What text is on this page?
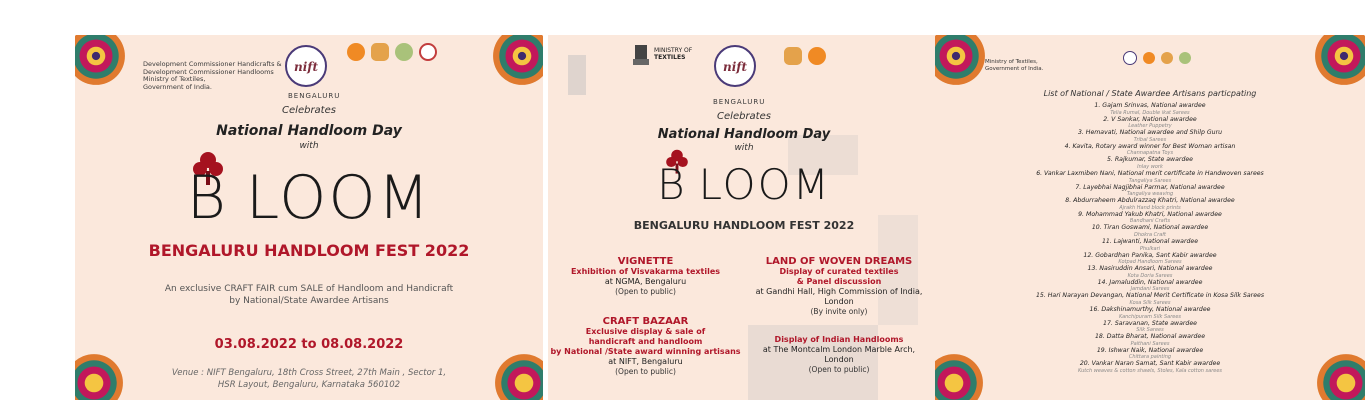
Development Commissioner Handicrafts &
Development Commissioner Handlooms
Ministry of Textiles,
Government of India.
nift
BENGALURU
Celebrates
National Handloom Day
with
B LOOM
BENGALURU HANDLOOM FEST 2022
An exclusive CRAFT FAIR cum SALE of Handloom and Handicraft
by National/State Awardee Artisans
03.08.2022 to 08.08.2022
Venue : NIFT Bengaluru, 18th Cross Street, 27th Main , Sector 1,
HSR Layout, Bengaluru, Karnataka 560102
MINISTRY OF
TEXTILES
nift
BENGALURU
Celebrates
National Handloom Day
with
B LOOM
BENGALURU HANDLOOM FEST 2022
VIGNETTE
Exhibition of Visvakarma textiles
at NGMA, Bengaluru
(Open to public)
CRAFT BAZAAR
Exclusive display & sale of
handicraft and handloom
by National /State award winning artisans
at NIFT, Bengaluru
(Open to public)
LAND OF WOVEN DREAMS
Display of curated textiles
& Panel discussion
at Gandhi Hall, High Commission of India,
London
(By invite only)
Display of Indian Handlooms
at The Montcalm London Marble Arch,
London
(Open to public)
Ministry of Textiles,
Government of India.
List of National / State Awardee Artisans particpating
1. Gajam Srinvas, National awardee
Telia Rumal, Double ikat Sarees
2. V Sankar, National awardee
Leather Puppetry
3. Hemavati, National awardee and Shilp Guru
Tribal Sarees
4. Kavita, Rotary award winner for Best Woman artisan
Channapatna Toys
5. Rajkumar, State awardee
Inlay work
6. Vankar Laxmiben Nani, National merit certificate in Handwoven sarees
Tangaliya Sarees
7. Layebhai Nagjibhai Parmar, National awardee
Tangaliya weaving
8. Abdurraheem Abdulrazzaq Khatri, National awardee
Ajrakh Hand block prints
9. Mohammad Yakub Khatri, National awardee
Bandhani Crafts
10. Tiran Goswami, National awardee
Dhokra Craft
11. Lajwanti, National awardee
Phulkari
12. Gobardhan Panika, Sant Kabir awardee
Kotpad Handloom Sarees
13. Nasiruddin Ansari, National awardee
Kota Doria Sarees
14. Jamaluddin, National awardee
Jamdani Sarees
15. Hari Narayan Devangan, National Merit Certificate in Kosa Silk Sarees
Kosa Silk Sarees
16. Dakshinamurthy, National awardee
Kanchipuram Silk Sarees
17. Saravanan, State awardee
Silk Sarees
18. Datta Bharat, National awardee
Paithani Sarees
19. Ishwar Naik, National awardee
Chittara painting
20. Vankar Naran Samat, Sant Kabir awardee
Kutch weaves & cotton shawls, Stoles, Kala cotton sarees
